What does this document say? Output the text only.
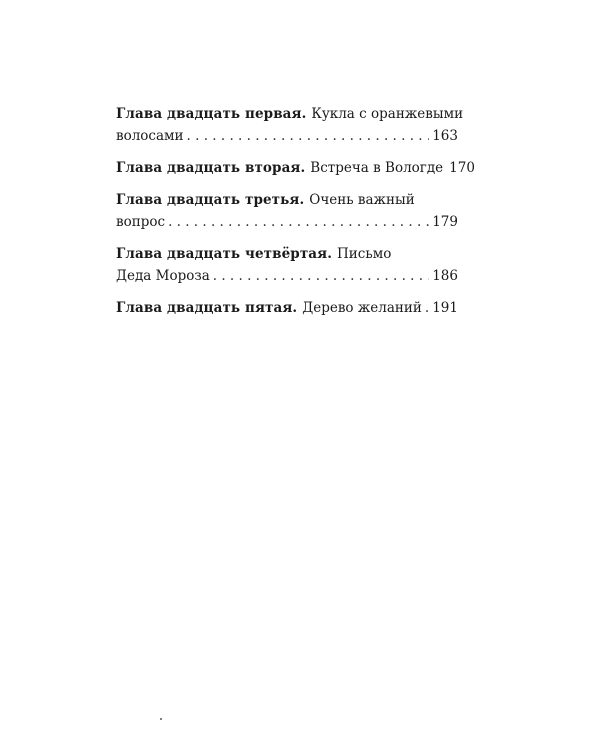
Глава двадцать первая. Кукла с оранжевыми
волосами . . .	163
Глава двадцать вторая. Встреча в Вологде 170
Глава двадцать третья. Очень важный
вопрос . . .	179
Глава двадцать четвёртая. Письмо
Деда Мороза . . .	186
Глава двадцать пятая. Дерево желаний . . . 191
